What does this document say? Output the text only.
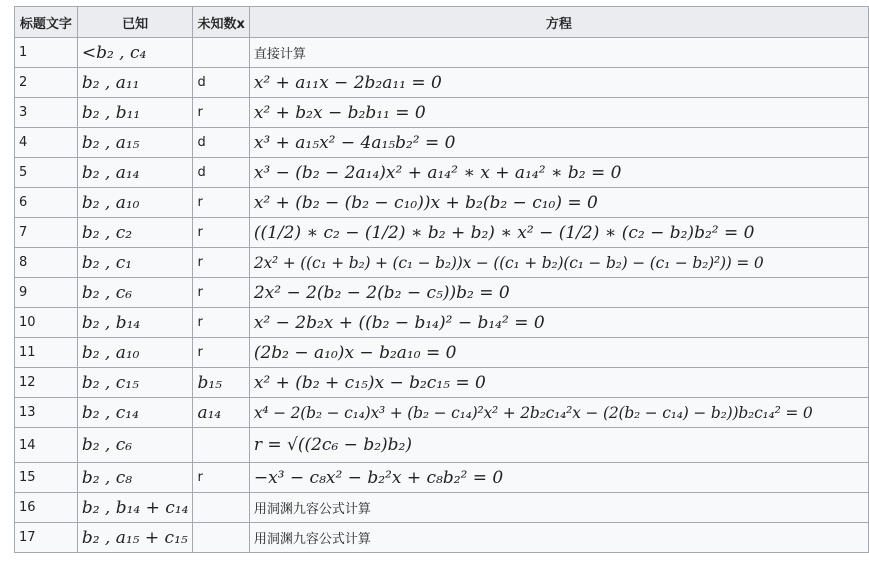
标题文字	已知	未知数x	方程
1	<b₂ , c₄		直接计算
2	b₂ , a₁₁	d	x² + a₁₁x − 2b₂a₁₁ = 0
3	b₂ , b₁₁	r	x² + b₂x − b₂b₁₁ = 0
4	b₂ , a₁₅	d	x³ + a₁₅x² − 4a₁₅b₂² = 0
5	b₂ , a₁₄	d	x³ − (b₂ − 2a₁₄)x² + a₁₄² ∗ x + a₁₄² ∗ b₂ = 0
6	b₂ , a₁₀	r	x² + (b₂ − (b₂ − c₁₀))x + b₂(b₂ − c₁₀) = 0
7	b₂ , c₂	r	((1/2) ∗ c₂ − (1/2) ∗ b₂ + b₂) ∗ x² − (1/2) ∗ (c₂ − b₂)b₂² = 0
8	b₂ , c₁	r	2x² + ((c₁ + b₂) + (c₁ − b₂))x − ((c₁ + b₂)(c₁ − b₂) − (c₁ − b₂)²)) = 0
9	b₂ , c₆	r	2x² − 2(b₂ − 2(b₂ − c₅))b₂ = 0
10	b₂ , b₁₄	r	x² − 2b₂x + ((b₂ − b₁₄)² − b₁₄² = 0
11	b₂ , a₁₀	r	(2b₂ − a₁₀)x − b₂a₁₀ = 0
12	b₂ , c₁₅	b₁₅	x² + (b₂ + c₁₅)x − b₂c₁₅ = 0
13	b₂ , c₁₄	a₁₄	x⁴ − 2(b₂ − c₁₄)x³ + (b₂ − c₁₄)²x² + 2b₂c₁₄²x − (2(b₂ − c₁₄) − b₂))b₂c₁₄² = 0
14	b₂ , c₆		r = √((2c₆ − b₂)b₂)
15	b₂ , c₈	r	−x³ − c₈x² − b₂²x + c₈b₂² = 0
16	b₂ , b₁₄ + c₁₄		用洞渊九容公式计算
17	b₂ , a₁₅ + c₁₅		用洞渊九容公式计算
